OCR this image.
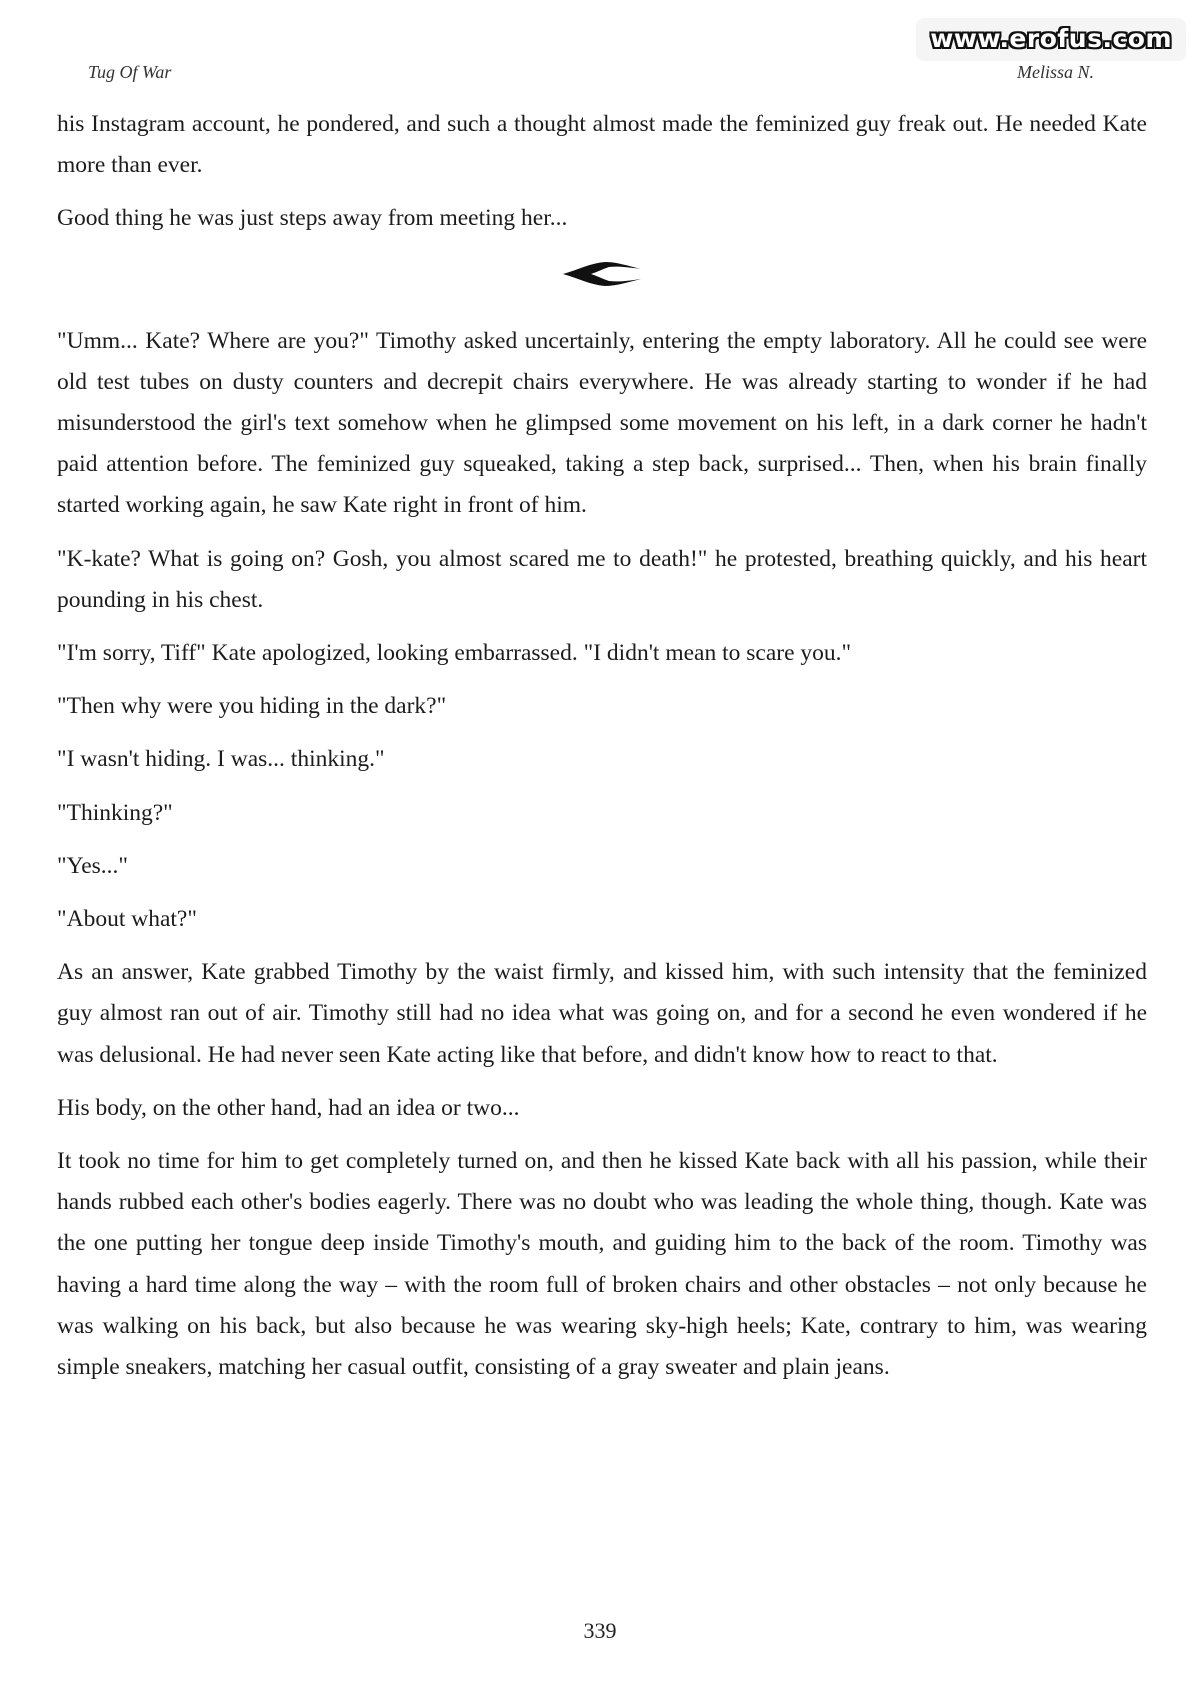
www.erofus.com
Tug Of War	Melissa N.

his Instagram account, he pondered, and such a thought almost made the feminized guy freak out. He needed Kate more than ever.

Good thing he was just steps away from meeting her...

"Umm... Kate? Where are you?" Timothy asked uncertainly, entering the empty laboratory. All he could see were old test tubes on dusty counters and decrepit chairs everywhere. He was already starting to wonder if he had misunderstood the girl's text somehow when he glimpsed some movement on his left, in a dark corner he hadn't paid attention before. The feminized guy squeaked, taking a step back, surprised... Then, when his brain finally started working again, he saw Kate right in front of him.

"K-kate? What is going on? Gosh, you almost scared me to death!" he protested, breathing quickly, and his heart pounding in his chest.

"I'm sorry, Tiff" Kate apologized, looking embarrassed. "I didn't mean to scare you."

"Then why were you hiding in the dark?"

"I wasn't hiding. I was... thinking."

"Thinking?"

"Yes..."

"About what?"

As an answer, Kate grabbed Timothy by the waist firmly, and kissed him, with such intensity that the feminized guy almost ran out of air. Timothy still had no idea what was going on, and for a second he even wondered if he was delusional. He had never seen Kate acting like that before, and didn't know how to react to that.

His body, on the other hand, had an idea or two...

It took no time for him to get completely turned on, and then he kissed Kate back with all his passion, while their hands rubbed each other's bodies eagerly. There was no doubt who was leading the whole thing, though. Kate was the one putting her tongue deep inside Timothy's mouth, and guiding him to the back of the room. Timothy was having a hard time along the way – with the room full of broken chairs and other obstacles – not only because he was walking on his back, but also because he was wearing sky-high heels; Kate, contrary to him, was wearing simple sneakers, matching her casual outfit, consisting of a gray sweater and plain jeans.

339
